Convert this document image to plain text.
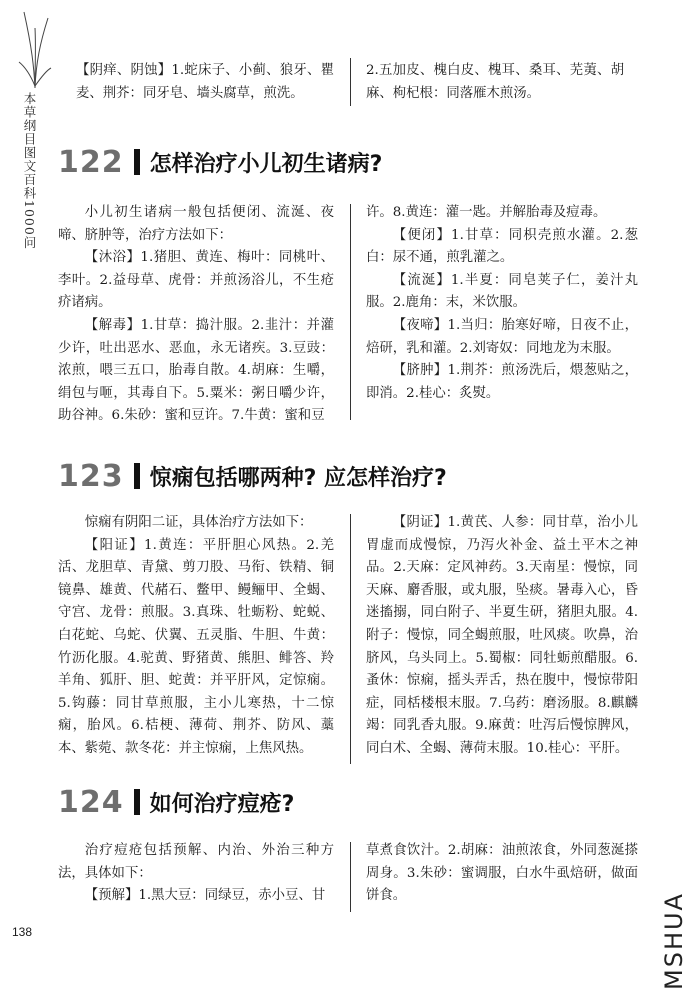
本草纲目图文百科1000问

【阴痒、阴蚀】1.蛇床子、小蓟、狼牙、瞿麦、荆芥：同牙皂、墙头腐草，煎洗。

2.五加皮、槐白皮、槐耳、桑耳、芜荑、胡麻、枸杞根：同落雁木煎汤。

122 怎样治疗小儿初生诸病?

小儿初生诸病一般包括便闭、流涎、夜啼、脐肿等，治疗方法如下：

【沐浴】1.猪胆、黄连、梅叶：同桃叶、李叶。2.益母草、虎骨：并煎汤浴儿，不生疮疥诸病。

【解毒】1.甘草：捣汁服。2.韭汁：并灌少许，吐出恶水、恶血，永无诸疾。3.豆豉：浓煎，喂三五口，胎毒自散。4.胡麻：生嚼，绢包与咂，其毒自下。5.粟米：粥日嚼少许，助谷神。6.朱砂：蜜和豆许。7.牛黄：蜜和豆

许。8.黄连：灌一匙。并解胎毒及痘毒。

【便闭】1.甘草：同枳壳煎水灌。2.葱白：尿不通，煎乳灌之。

【流涎】1.半夏：同皂荚子仁，姜汁丸服。2.鹿角：末，米饮服。

【夜啼】1.当归：胎寒好啼，日夜不止，焙研，乳和灌。2.刘寄奴：同地龙为末服。

【脐肿】1.荆芥：煎汤洗后，煨葱贴之，即消。2.桂心：炙熨。

123 惊痫包括哪两种? 应怎样治疗?

惊痫有阴阳二证，具体治疗方法如下：

【阳证】1.黄连：平肝胆心风热。2.羌活、龙胆草、青黛、剪刀股、马衔、铁精、铜镜鼻、雄黄、代赭石、鳖甲、鳗鲡甲、全蝎、守宫、龙骨：煎服。3.真珠、牡蛎粉、蛇蜕、白花蛇、乌蛇、伏翼、五灵脂、牛胆、牛黄：竹沥化服。4.驼黄、野猪黄、熊胆、鲱答、羚羊角、狐肝、胆、蛇黄：并平肝风，定惊痫。5.钩藤：同甘草煎服，主小儿寒热，十二惊痫，胎风。6.桔梗、薄荷、荆芥、防风、藁本、紫菀、款冬花：并主惊痫，上焦风热。

【阴证】1.黄芪、人参：同甘草，治小儿胃虚而成慢惊，乃泻火补金、益土平木之神品。2.天麻：定风神药。3.天南星：慢惊，同天麻、麝香服，或丸服，坠痰。暑毒入心，昏迷搐搦，同白附子、半夏生研，猪胆丸服。4.附子：慢惊，同全蝎煎服，吐风痰。吹鼻，治脐风，乌头同上。5.蜀椒：同牡蛎煎醋服。6.蚤休：惊痫，摇头弄舌，热在腹中，慢惊带阳症，同栝楼根末服。7.乌药：磨汤服。8.麒麟竭：同乳香丸服。9.麻黄：吐泻后慢惊脾风，同白术、全蝎、薄荷末服。10.桂心：平肝。

124 如何治疗痘疮?

治疗痘疮包括预解、内治、外治三种方法，具体如下：

【预解】1.黑大豆：同绿豆，赤小豆、甘

草煮食饮汁。2.胡麻：油煎浓食，外同葱涎搽周身。3.朱砂：蜜调服，白水牛虱焙研，做面饼食。

138	MSHUA
